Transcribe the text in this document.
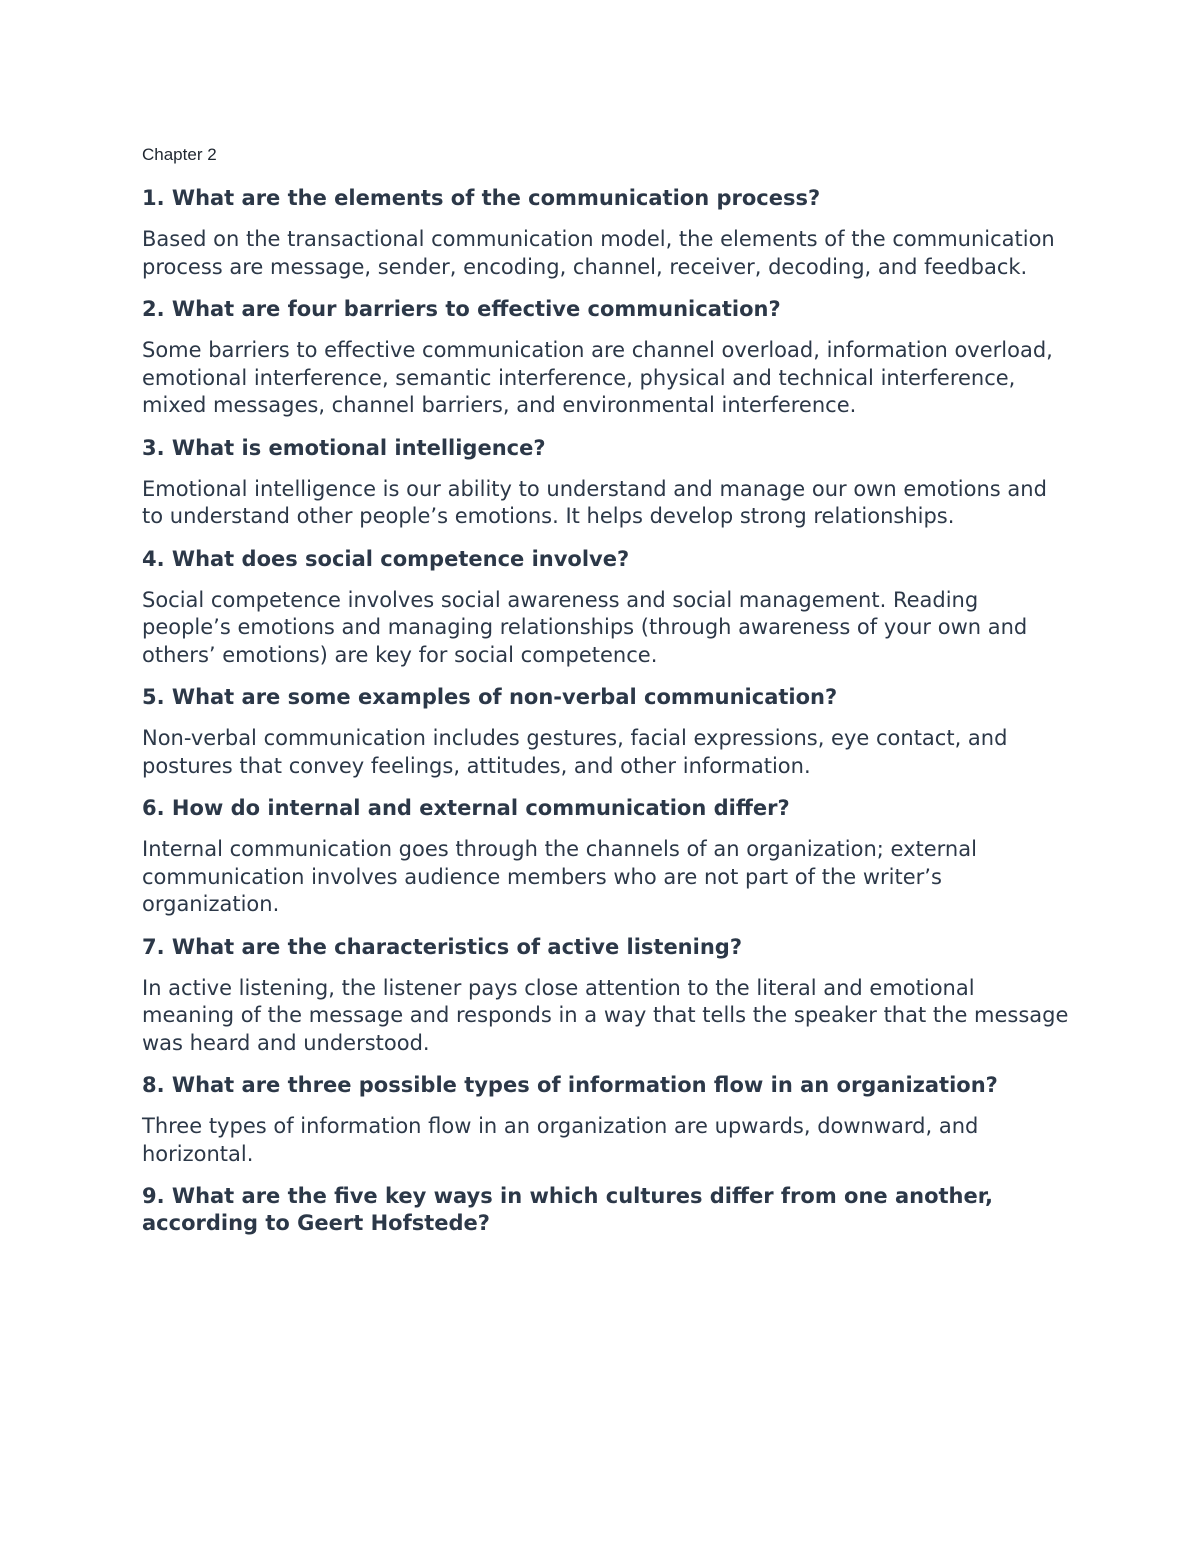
Chapter 2

1. What are the elements of the communication process?

Based on the transactional communication model, the elements of the communication process are message, sender, encoding, channel, receiver, decoding, and feedback.

2. What are four barriers to effective communication?

Some barriers to effective communication are channel overload, information overload, emotional interference, semantic interference, physical and technical interference, mixed messages, channel barriers, and environmental interference.

3. What is emotional intelligence?

Emotional intelligence is our ability to understand and manage our own emotions and to understand other people’s emotions. It helps develop strong relationships.

4. What does social competence involve?

Social competence involves social awareness and social management. Reading people’s emotions and managing relationships (through awareness of your own and others’ emotions) are key for social competence.

5. What are some examples of non-verbal communication?

Non-verbal communication includes gestures, facial expressions, eye contact, and postures that convey feelings, attitudes, and other information.

6. How do internal and external communication differ?

Internal communication goes through the channels of an organization; external communication involves audience members who are not part of the writer’s organization.

7. What are the characteristics of active listening?

In active listening, the listener pays close attention to the literal and emotional meaning of the message and responds in a way that tells the speaker that the message was heard and understood.

8. What are three possible types of information flow in an organization?

Three types of information flow in an organization are upwards, downward, and horizontal.

9. What are the five key ways in which cultures differ from one another, according to Geert Hofstede?
